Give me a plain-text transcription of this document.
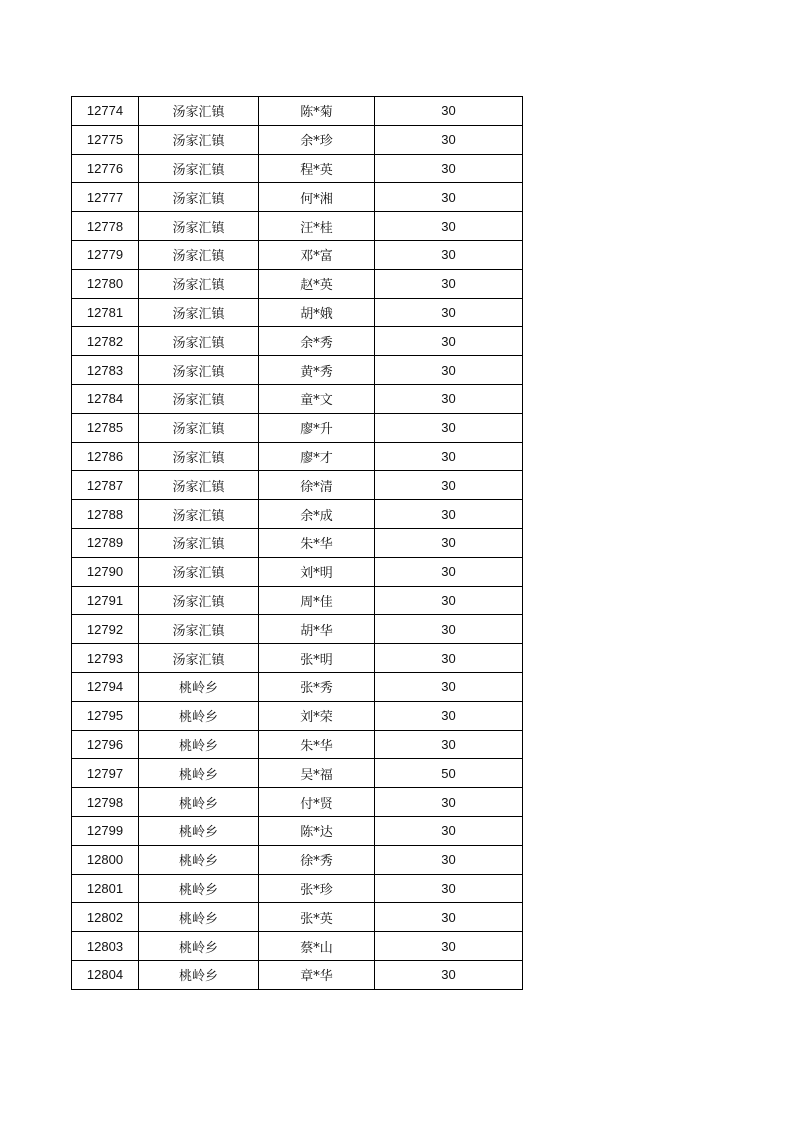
12774	汤家汇镇	陈*菊	30
12775	汤家汇镇	余*珍	30
12776	汤家汇镇	程*英	30
12777	汤家汇镇	何*湘	30
12778	汤家汇镇	汪*桂	30
12779	汤家汇镇	邓*富	30
12780	汤家汇镇	赵*英	30
12781	汤家汇镇	胡*娥	30
12782	汤家汇镇	余*秀	30
12783	汤家汇镇	黄*秀	30
12784	汤家汇镇	童*文	30
12785	汤家汇镇	廖*升	30
12786	汤家汇镇	廖*才	30
12787	汤家汇镇	徐*清	30
12788	汤家汇镇	余*成	30
12789	汤家汇镇	朱*华	30
12790	汤家汇镇	刘*明	30
12791	汤家汇镇	周*佳	30
12792	汤家汇镇	胡*华	30
12793	汤家汇镇	张*明	30
12794	桃岭乡	张*秀	30
12795	桃岭乡	刘*荣	30
12796	桃岭乡	朱*华	30
12797	桃岭乡	吴*福	50
12798	桃岭乡	付*贤	30
12799	桃岭乡	陈*达	30
12800	桃岭乡	徐*秀	30
12801	桃岭乡	张*珍	30
12802	桃岭乡	张*英	30
12803	桃岭乡	蔡*山	30
12804	桃岭乡	章*华	30
